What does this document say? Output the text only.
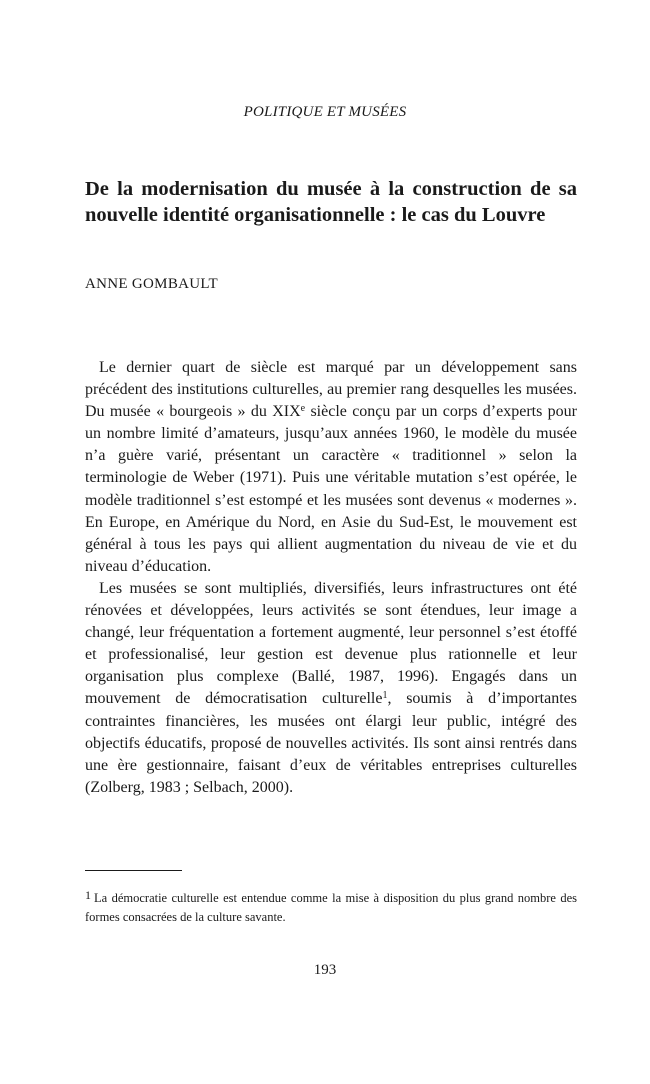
POLITIQUE ET MUSÉES
De la modernisation du musée à la construction de sa nouvelle identité organisationnelle : le cas du Louvre
ANNE GOMBAULT

Le dernier quart de siècle est marqué par un développement sans précédent des institutions culturelles, au premier rang desquelles les musées. Du musée « bourgeois » du XIXe siècle conçu par un corps d’experts pour un nombre limité d’amateurs, jusqu’aux années 1960, le modèle du musée n’a guère varié, présentant un caractère « traditionnel » selon la terminologie de Weber (1971). Puis une véritable mutation s’est opérée, le modèle traditionnel s’est estompé et les musées sont devenus « modernes ». En Europe, en Amérique du Nord, en Asie du Sud-Est, le mouvement est général à tous les pays qui allient augmentation du niveau de vie et du niveau d’éducation.

Les musées se sont multipliés, diversifiés, leurs infrastructures ont été rénovées et développées, leurs activités se sont étendues, leur image a changé, leur fréquentation a fortement augmenté, leur personnel s’est étoffé et professionalisé, leur gestion est devenue plus rationnelle et leur organisation plus complexe (Ballé, 1987, 1996). Engagés dans un mouvement de démocratisation culturelle$^1$, soumis à d’importantes contraintes financières, les musées ont élargi leur public, intégré des objectifs éducatifs, proposé de nouvelles activités. Ils sont ainsi rentrés dans une ère gestionnaire, faisant d’eux de véritables entreprises culturelles (Zolberg, 1983 ; Selbach, 2000).

1 La démocratie culturelle est entendue comme la mise à disposition du plus grand nombre des formes consacrées de la culture savante.
193
